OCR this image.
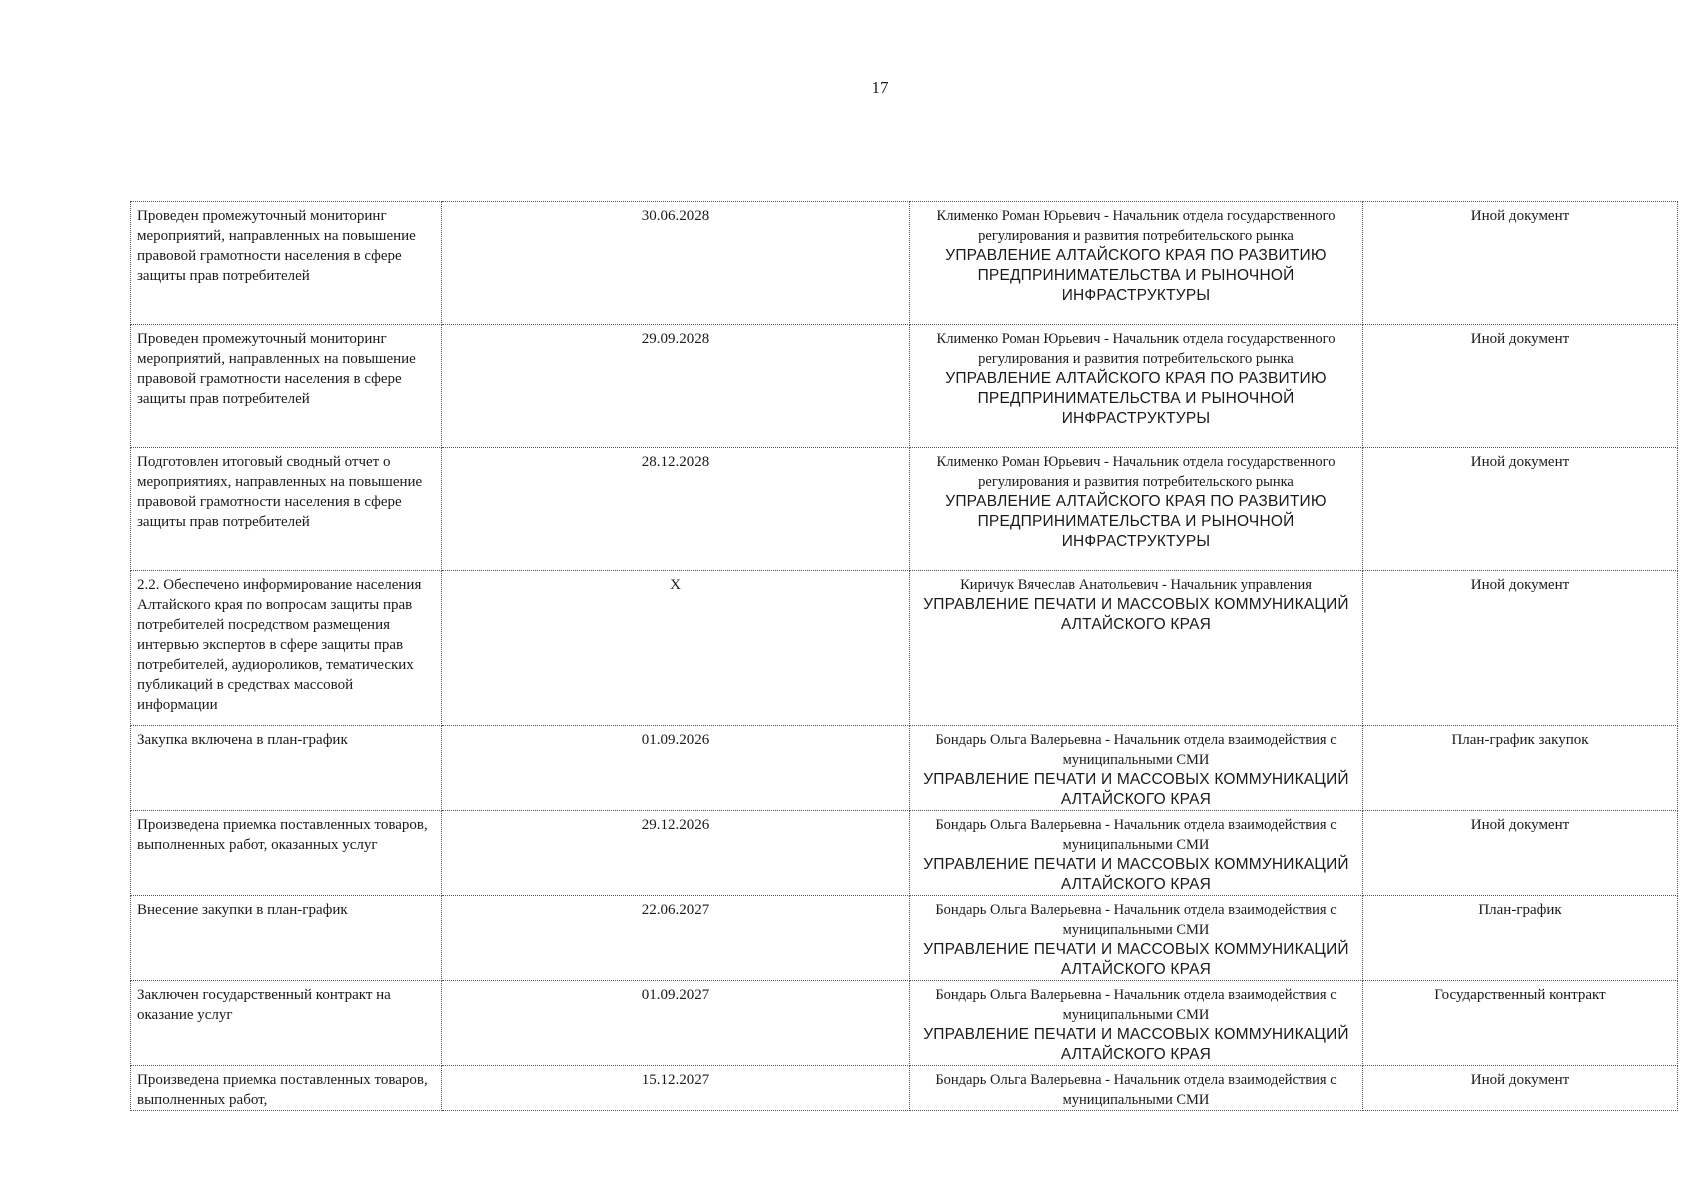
17
Проведен промежуточный мониторинг мероприятий, направленных на повышение правовой грамотности населения в сфере защиты прав потребителей	30.06.2028	Клименко Роман Юрьевич - Начальник отдела государственного регулирования и развития потребительского рынка
УПРАВЛЕНИЕ АЛТАЙСКОГО КРАЯ ПО РАЗВИТИЮ ПРЕДПРИНИМАТЕЛЬСТВА И РЫНОЧНОЙ ИНФРАСТРУКТУРЫ	Иной документ
Проведен промежуточный мониторинг мероприятий, направленных на повышение правовой грамотности населения в сфере защиты прав потребителей	29.09.2028	Клименко Роман Юрьевич - Начальник отдела государственного регулирования и развития потребительского рынка
УПРАВЛЕНИЕ АЛТАЙСКОГО КРАЯ ПО РАЗВИТИЮ ПРЕДПРИНИМАТЕЛЬСТВА И РЫНОЧНОЙ ИНФРАСТРУКТУРЫ	Иной документ
Подготовлен итоговый сводный отчет о мероприятиях, направленных на повышение правовой грамотности населения в сфере защиты прав потребителей	28.12.2028	Клименко Роман Юрьевич - Начальник отдела государственного регулирования и развития потребительского рынка
УПРАВЛЕНИЕ АЛТАЙСКОГО КРАЯ ПО РАЗВИТИЮ ПРЕДПРИНИМАТЕЛЬСТВА И РЫНОЧНОЙ ИНФРАСТРУКТУРЫ	Иной документ
2.2. Обеспечено информирование населения Алтайского края по вопросам защиты прав потребителей посредством размещения интервью экспертов в сфере защиты прав потребителей, аудиороликов, тематических публикаций в средствах массовой информации	X	Киричук Вячеслав Анатольевич - Начальник управления
УПРАВЛЕНИЕ ПЕЧАТИ И МАССОВЫХ КОММУНИКАЦИЙ АЛТАЙСКОГО КРАЯ	Иной документ
Закупка включена в план-график	01.09.2026	Бондарь Ольга Валерьевна - Начальник отдела взаимодействия с муниципальными СМИ
УПРАВЛЕНИЕ ПЕЧАТИ И МАССОВЫХ КОММУНИКАЦИЙ АЛТАЙСКОГО КРАЯ	План-график закупок
Произведена приемка поставленных товаров, выполненных работ, оказанных услуг	29.12.2026	Бондарь Ольга Валерьевна - Начальник отдела взаимодействия с муниципальными СМИ
УПРАВЛЕНИЕ ПЕЧАТИ И МАССОВЫХ КОММУНИКАЦИЙ АЛТАЙСКОГО КРАЯ	Иной документ
Внесение закупки в план-график	22.06.2027	Бондарь Ольга Валерьевна - Начальник отдела взаимодействия с муниципальными СМИ
УПРАВЛЕНИЕ ПЕЧАТИ И МАССОВЫХ КОММУНИКАЦИЙ АЛТАЙСКОГО КРАЯ	План-график
Заключен государственный контракт на оказание услуг	01.09.2027	Бондарь Ольга Валерьевна - Начальник отдела взаимодействия с муниципальными СМИ
УПРАВЛЕНИЕ ПЕЧАТИ И МАССОВЫХ КОММУНИКАЦИЙ АЛТАЙСКОГО КРАЯ	Государственный контракт
Произведена приемка поставленных товаров, выполненных работ,	15.12.2027	Бондарь Ольга Валерьевна - Начальник отдела взаимодействия с муниципальными СМИ	Иной документ
